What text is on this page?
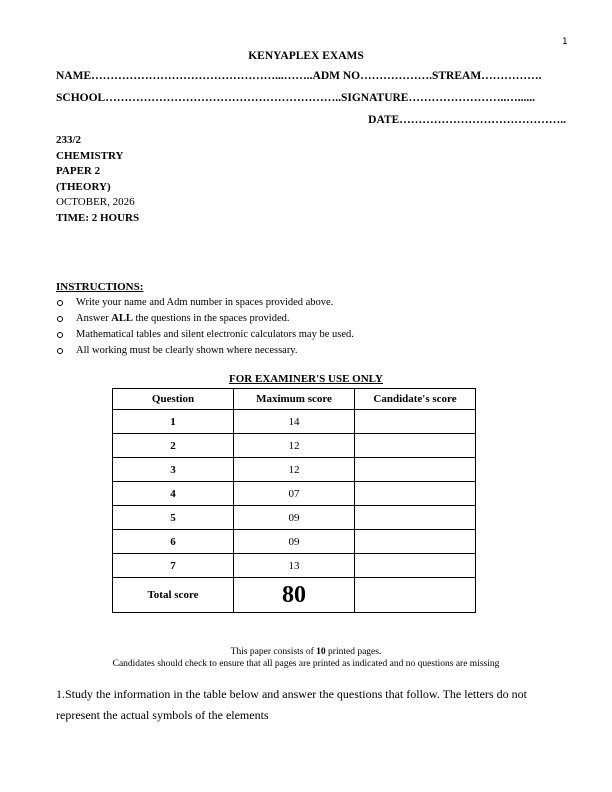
1
KENYAPLEX EXAMS
NAME…………………………………………...……..ADM NO……………….STREAM…………….
SCHOOL……………………………………………………..SIGNATURE……………………..…......
DATE……………………………………..
233/2
CHEMISTRY
PAPER 2
(THEORY)
OCTOBER, 2026
TIME: 2 HOURS
INSTRUCTIONS:
Write your name and Adm number in spaces provided above.
Answer ALL the questions in the spaces provided.
Mathematical tables and silent electronic calculators may be used.
All working must be clearly shown where necessary.
FOR EXAMINER'S USE ONLY
Question	Maximum score	Candidate's score
1	14	
2	12	
3	12	
4	07	
5	09	
6	09	
7	13	
Total score	80	
This paper consists of 10 printed pages.
Candidates should check to ensure that all pages are printed as indicated and no questions are missing
1.Study the information in the table below and answer the questions that follow. The letters do not represent the actual symbols of the elements
